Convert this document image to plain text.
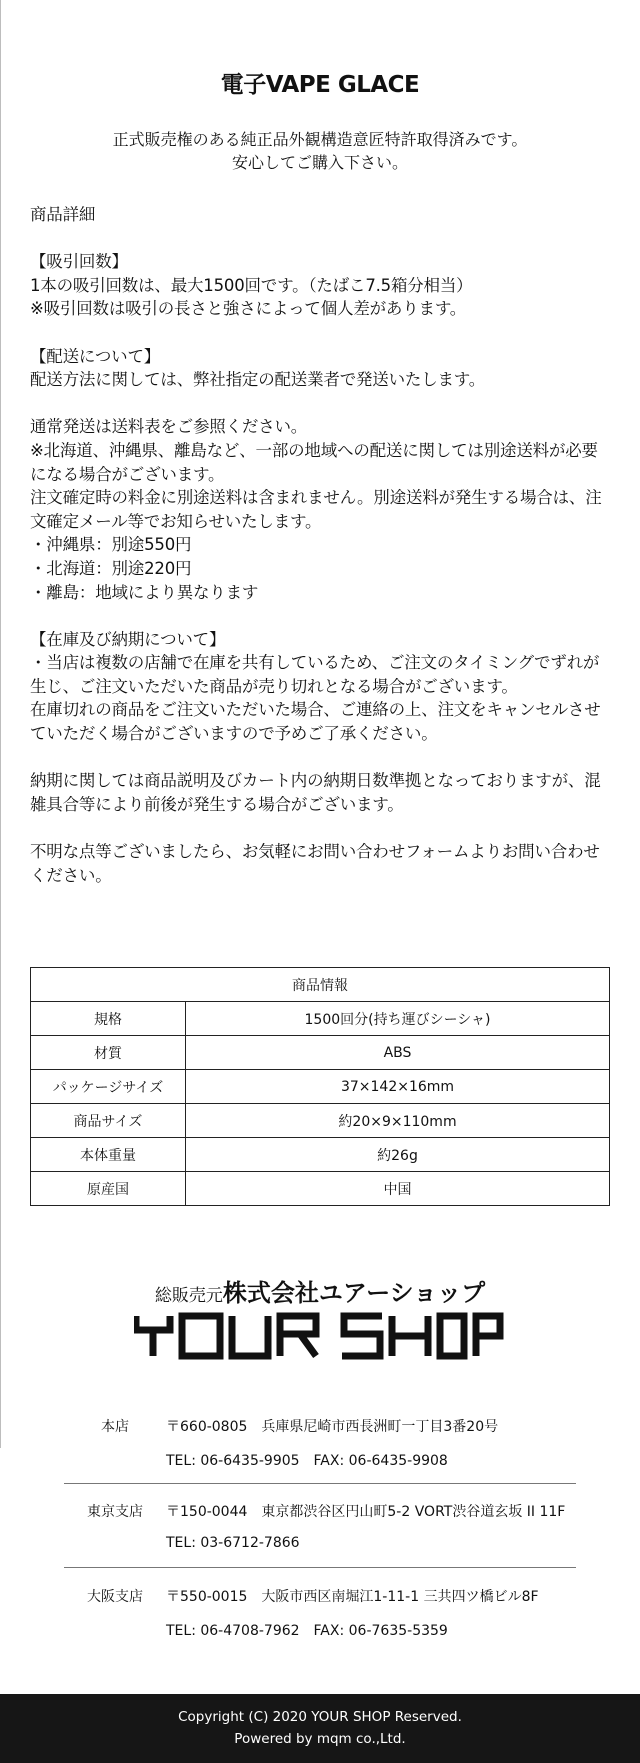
電子VAPE GLACE
正式販売権のある純正品外観構造意匠特許取得済みです。
安心してご購入下さい。

商品詳細

【吸引回数】

1本の吸引回数は、最大1500回です。（たばこ7.5箱分相当）

※吸引回数は吸引の長さと強さによって個人差があります。

【配送について】

配送方法に関しては、弊社指定の配送業者で発送いたします。

通常発送は送料表をご参照ください。

※北海道、沖縄県、離島など、一部の地域への配送に関しては別途送料が必要になる場合がございます。

注文確定時の料金に別途送料は含まれません。別途送料が発生する場合は、注文確定メール等でお知らせいたします。

・沖縄県：別途550円

・北海道：別途220円

・離島：地域により異なります

【在庫及び納期について】

・当店は複数の店舗で在庫を共有しているため、ご注文のタイミングでずれが生じ、ご注文いただいた商品が売り切れとなる場合がございます。

在庫切れの商品をご注文いただいた場合、ご連絡の上、注文をキャンセルさせていただく場合がございますので予めご了承ください。

納期に関しては商品説明及びカート内の納期日数準拠となっておりますが、混雑具合等により前後が発生する場合がございます。

不明な点等ございましたら、お気軽にお問い合わせフォームよりお問い合わせください。

商品情報	
規格	1500回分(持ち運びシーシャ)
材質	ABS
パッケージサイズ	37×142×16mm
商品サイズ	約20×9×110mm
本体重量	約26g
原産国	中国
総販売元株式会社ユアーショップ
本店	〒660-0805　兵庫県尼崎市西長洲町一丁目3番20号
TEL: 06-6435-9905　FAX: 06-6435-9908
東京支店	〒150-0044　東京都渋谷区円山町5-2 VORT渋谷道玄坂 II 11F
TEL: 03-6712-7866
大阪支店	〒550-0015　大阪市西区南堀江1-11-1 三共四ツ橋ビル8F
TEL: 06-4708-7962　FAX: 06-7635-5359
Copyright (C) 2020 YOUR SHOP Reserved.
Powered by mqm co.,Ltd.
